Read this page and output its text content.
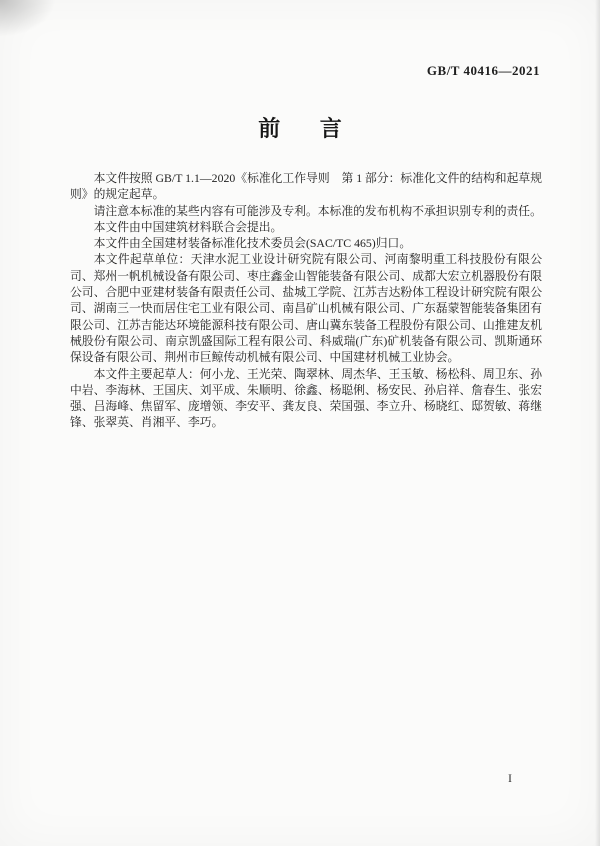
GB/T 40416—2021
前言

本文件按照 GB/T 1.1—2020《标准化工作导则　第 1 部分：标准化文件的结构和起草规则》的规定起草。

请注意本标准的某些内容有可能涉及专利。本标准的发布机构不承担识别专利的责任。

本文件由中国建筑材料联合会提出。

本文件由全国建材装备标准化技术委员会(SAC/TC 465)归口。

本文件起草单位：天津水泥工业设计研究院有限公司、河南黎明重工科技股份有限公司、郑州一帆机械设备有限公司、枣庄鑫金山智能装备有限公司、成都大宏立机器股份有限公司、合肥中亚建材装备有限责任公司、盐城工学院、江苏吉达粉体工程设计研究院有限公司、湖南三一快而居住宅工业有限公司、南昌矿山机械有限公司、广东磊蒙智能装备集团有限公司、江苏吉能达环境能源科技有限公司、唐山冀东装备工程股份有限公司、山推建友机械股份有限公司、南京凯盛国际工程有限公司、科威瑞(广东)矿机装备有限公司、凯斯通环保设备有限公司、荆州市巨鲸传动机械有限公司、中国建材机械工业协会。

本文件主要起草人：何小龙、王光荣、陶翠林、周杰华、王玉敏、杨松科、周卫东、孙中岩、李海林、王国庆、刘平成、朱顺明、徐鑫、杨聪俐、杨安民、孙启祥、詹春生、张宏强、吕海峰、焦留军、庞增领、李安平、龚友良、荣国强、李立升、杨晓红、邸贺敏、蒋继锋、张翠英、肖湘平、李巧。

I
